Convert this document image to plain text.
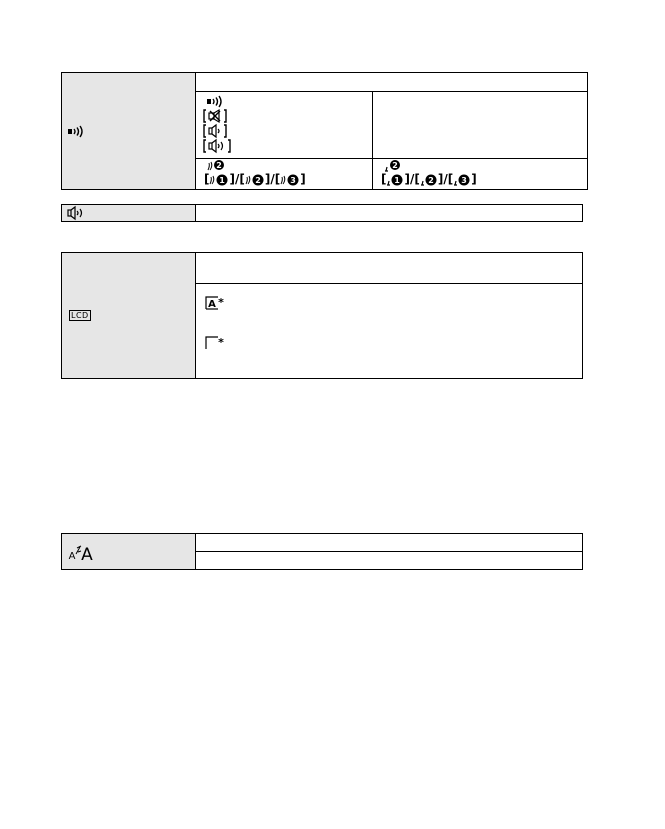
2
[ 1 ]/[ 2 ]/[ 3 ]
2
[ 1 ]/[ 2 ]/[ 3 ]
LCD
A *
*
A A
